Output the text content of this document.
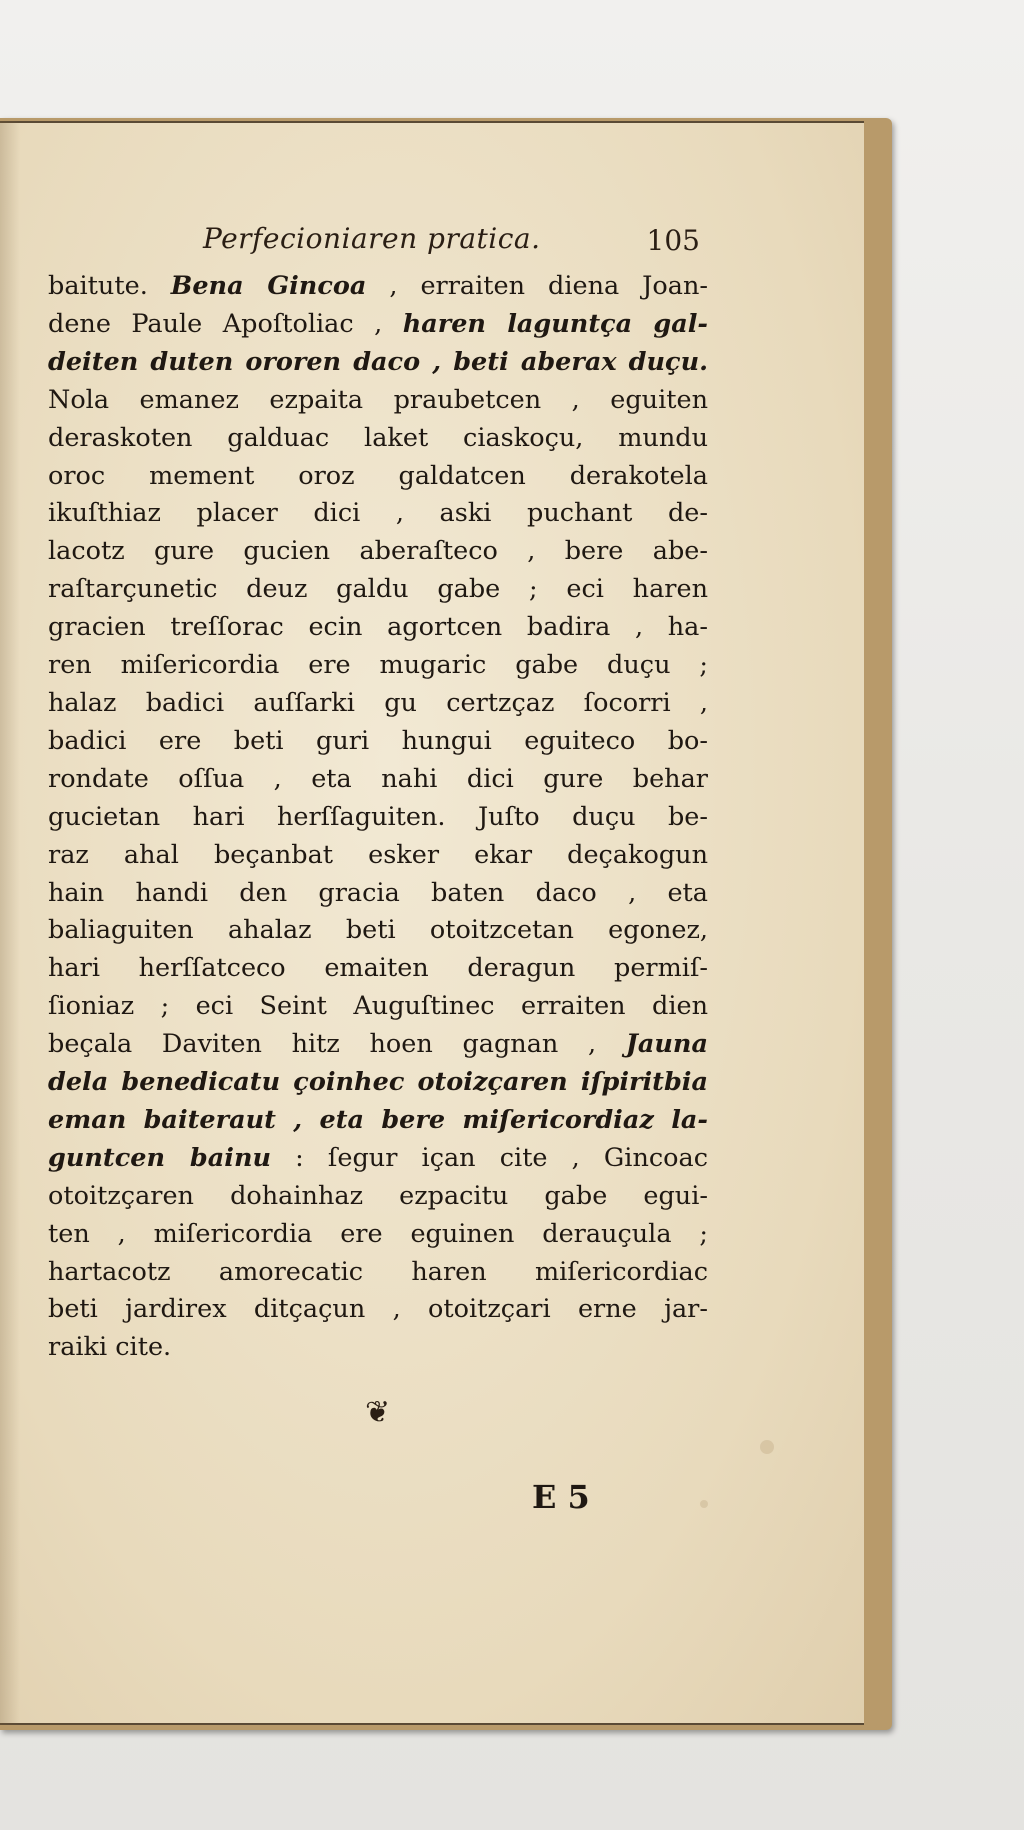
Perfecioniaren pratica.	105
baitute. Bena Gincoa , erraiten diena Joan-
dene Paule Apoſtoliac , haren laguntça gal-
deiten duten ororen daco , beti aberax duçu.
Nola emanez ezpaita praubetcen , eguiten
deraskoten galduac laket ciaskoçu, mundu
oroc mement oroz galdatcen derakotela
ikuſthiaz placer dici , aski puchant de-
lacotz gure gucien aberaſteco , bere abe-
raſtarçunetic deuz galdu gabe ; eci haren
gracien treſſorac ecin agortcen badira , ha-
ren miſericordia ere mugaric gabe duçu ;
halaz badici auſſarki gu certzçaz ſocorri ,
badici ere beti guri hungui eguiteco bo-
rondate oſſua , eta nahi dici gure behar
gucietan hari herſſaguiten. Juſto duçu be-
raz ahal beçanbat esker ekar deçakogun
hain handi den gracia baten daco , eta
baliaguiten ahalaz beti otoitzcetan egonez,
hari herſſatceco emaiten deragun permiſ-
ſioniaz ; eci Seint Auguſtinec erraiten dien
beçala Daviten hitz hoen gagnan , Jauna
dela benedicatu çoinhec otoizçaren iſpiritbia
eman baiteraut , eta bere miſericordiaz la-
guntcen bainu : ſegur içan cite , Gincoac
otoitzçaren dohainhaz ezpacitu gabe egui-
ten , miſericordia ere eguinen derauçula ;
hartacotz amorecatic haren miſericordiac
beti jardirex ditçaçun , otoitzçari erne jar-
raiki cite.
❦
E 5
